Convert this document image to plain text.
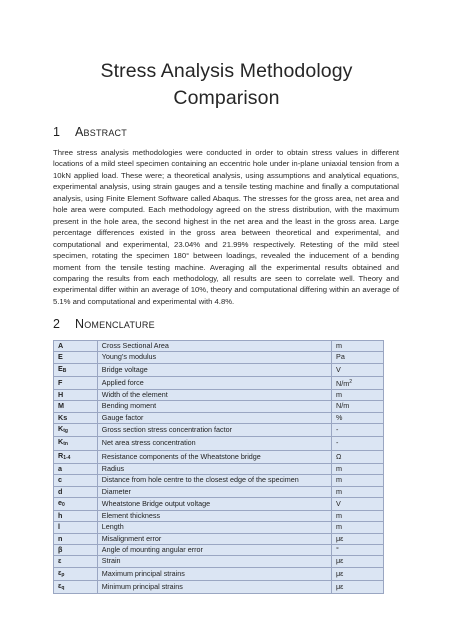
Stress Analysis Methodology
Comparison
1 Abstract

Three stress analysis methodologies were conducted in order to obtain stress values in different locations of a mild steel specimen containing an eccentric hole under in-plane uniaxial tension from a 10kN applied load. These were; a theoretical analysis, using assumptions and analytical equations, experimental analysis, using strain gauges and a tensile testing machine and finally a computational analysis, using Finite Element Software called Abaqus. The stresses for the gross area, net area and hole area were computed. Each methodology agreed on the stress distribution, with the maximum present in the hole area, the second highest in the net area and the least in the gross area. Large percentage differences existed in the gross area between theoretical and experimental, and computational and experimental, 23.04% and 21.99% respectively. Retesting of the mild steel specimen, rotating the specimen 180° between loadings, revealed the inducement of a bending moment from the tensile testing machine. Averaging all the experimental results obtained and comparing the results from each methodology, all results are seen to correlate well. Theory and experimental differ within an average of 10%, theory and computational differing within an average of 5.1% and computational and experimental with 4.8%.

2 Nomenclature
A	Cross Sectional Area	m
E	Young’s modulus	Pa
$E_B$	Bridge voltage	V
F	Applied force	$N/m^2$
H	Width of the element	m
M	Bending moment	N/m
Ks	Gauge factor	%
$K_{tg}$	Gross section stress concentration factor	-
$K_{tn}$	Net area stress concentration	-
$R_{1-4}$	Resistance components of the Wheatstone bridge	Ω
a	Radius	m
c	Distance from hole centre to the closest edge of the specimen	m
d	Diameter	m
$e_0$	Wheatstone Bridge output voltage	V
h	Element thickness	m
l	Length	m
n	Misalignment error	με
β	Angle of mounting angular error	°
ε	Strain	με
$\varepsilon_p$	Maximum principal strains	με
$\varepsilon_q$	Minimum principal strains	με
